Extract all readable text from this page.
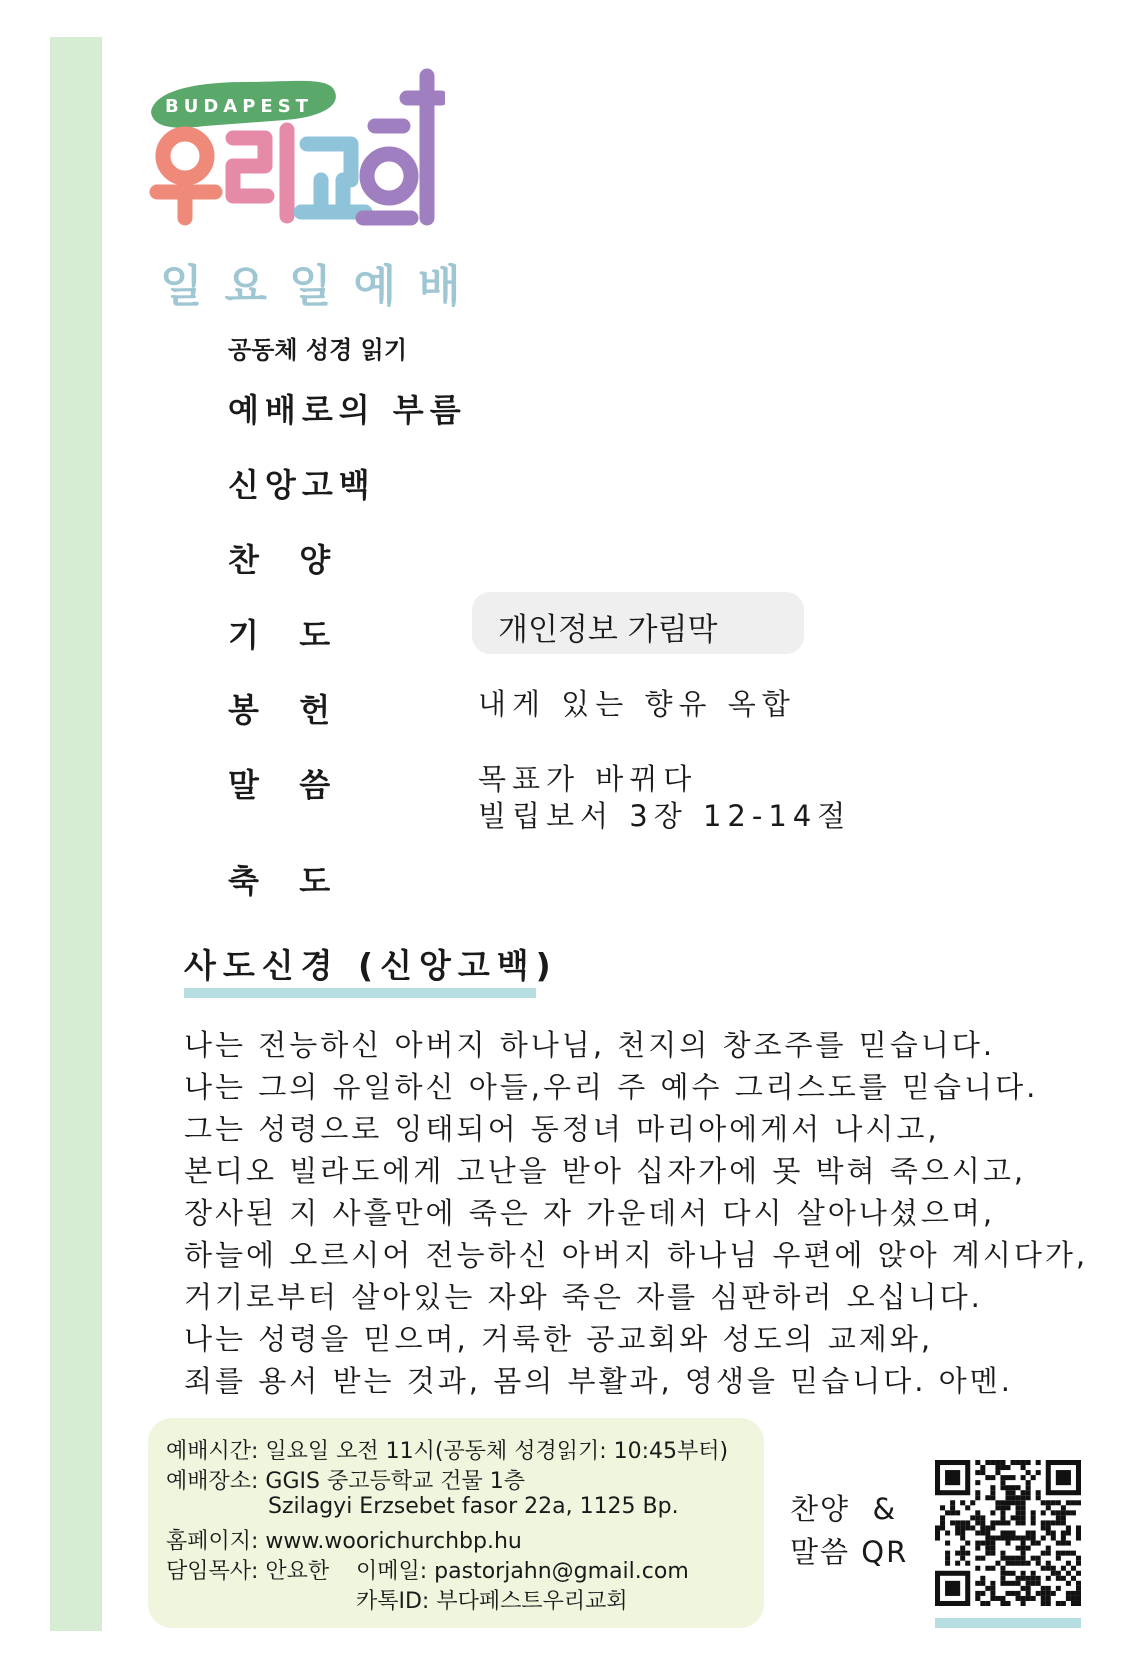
BUDAPEST
일요일예배
공동체 성경 읽기
예배로의 부름
신앙고백
찬  양
기  도
봉  헌
말  씀
축  도
개인정보 가림막
내게 있는 향유 옥합
목표가 바뀌다
빌립보서 3장 12-14절
사도신경 (신앙고백)
나는 전능하신 아버지 하나님, 천지의 창조주를 믿습니다.
나는 그의 유일하신 아들,우리 주 예수 그리스도를 믿습니다.
그는 성령으로 잉태되어 동정녀 마리아에게서 나시고,
본디오 빌라도에게 고난을 받아 십자가에 못 박혀 죽으시고,
장사된 지 사흘만에 죽은 자 가운데서 다시 살아나셨으며,
하늘에 오르시어 전능하신 아버지 하나님 우편에 앉아 계시다가,
거기로부터 살아있는 자와 죽은 자를 심판하러 오십니다.
나는 성령을 믿으며, 거룩한 공교회와 성도의 교제와,
죄를 용서 받는 것과, 몸의 부활과, 영생을 믿습니다. 아멘.
예배시간: 일요일 오전 11시(공동체 성경읽기: 10:45부터)
예배장소: GGIS 중고등학교 건물 1층
Szilagyi Erzsebet fasor 22a, 1125 Bp.
홈페이지: www.woorichurchbp.hu
담임목사: 안요한 이메일: pastorjahn@gmail.com
카톡ID: 부다페스트우리교회
찬양  &
말씀 QR
